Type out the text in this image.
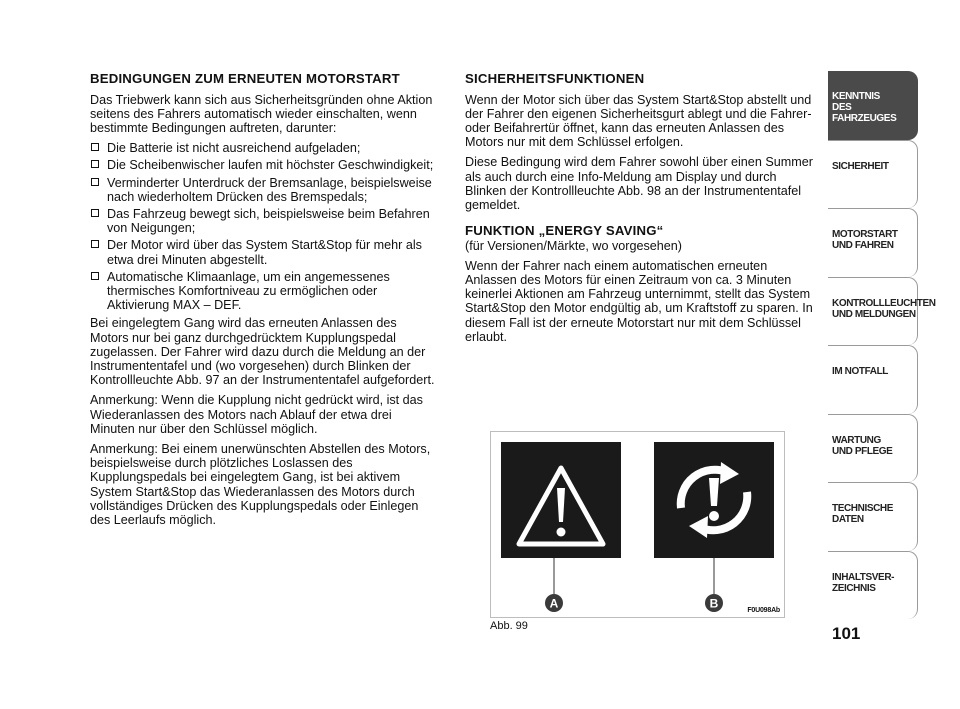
BEDINGUNGEN ZUM ERNEUTEN MOTORSTART

Das Triebwerk kann sich aus Sicherheitsgründen ohne Aktion seitens des Fahrers automatisch wieder einschalten, wenn bestimmte Bedingungen auftreten, darunter:

Die Batterie ist nicht ausreichend aufgeladen;
Die Scheibenwischer laufen mit höchster Geschwindigkeit;
Verminderter Unterdruck der Bremsanlage, beispielsweise nach wiederholtem Drücken des Bremspedals;
Das Fahrzeug bewegt sich, beispielsweise beim Befahren von Neigungen;
Der Motor wird über das System Start&Stop für mehr als etwa drei Minuten abgestellt.
Automatische Klimaanlage, um ein angemessenes thermisches Komfortniveau zu ermöglichen oder Aktivierung MAX – DEF.

Bei eingelegtem Gang wird das erneuten Anlassen des Motors nur bei ganz durchgedrücktem Kupplungspedal zugelassen. Der Fahrer wird dazu durch die Meldung an der Instrumententafel und (wo vorgesehen) durch Blinken der Kontrollleuchte Abb. 97 an der Instrumententafel aufgefordert.

Anmerkung: Wenn die Kupplung nicht gedrückt wird, ist das Wiederanlassen des Motors nach Ablauf der etwa drei Minuten nur über den Schlüssel möglich.

Anmerkung: Bei einem unerwünschten Abstellen des Motors, beispielsweise durch plötzliches Loslassen des Kupplungspedals bei eingelegtem Gang, ist bei aktivem System Start&Stop das Wiederanlassen des Motors durch vollständiges Drücken des Kupplungspedals oder Einlegen des Leerlaufs möglich.

SICHERHEITSFUNKTIONEN

Wenn der Motor sich über das System Start&Stop abstellt und der Fahrer den eigenen Sicherheitsgurt ablegt und die Fahrer- oder Beifahrertür öffnet, kann das erneuten Anlassen des Motors nur mit dem Schlüssel erfolgen.

Diese Bedingung wird dem Fahrer sowohl über einen Summer als auch durch eine Info-Meldung am Display und durch Blinken der Kontrollleuchte Abb. 98 an der Instrumententafel gemeldet.

FUNKTION „ENERGY SAVING“

(für Versionen/Märkte, wo vorgesehen)

Wenn der Fahrer nach einem automatischen erneuten Anlassen des Motors für einen Zeitraum von ca. 3 Minuten keinerlei Aktionen am Fahrzeug unternimmt, stellt das System Start&Stop den Motor endgültig ab, um Kraftstoff zu sparen. In diesem Fall ist der erneute Motorstart nur mit dem Schlüssel erlaubt.

A	B	F0U098Ab
Abb. 99
KENNTNIS
DES FAHRZEUGES
SICHERHEIT
MOTORSTART
UND FAHREN
KONTROLLLEUCHTEN
UND MELDUNGEN
IM NOTFALL
WARTUNG
UND PFLEGE
TECHNISCHE
DATEN
INHALTSVER-
ZEICHNIS
101
